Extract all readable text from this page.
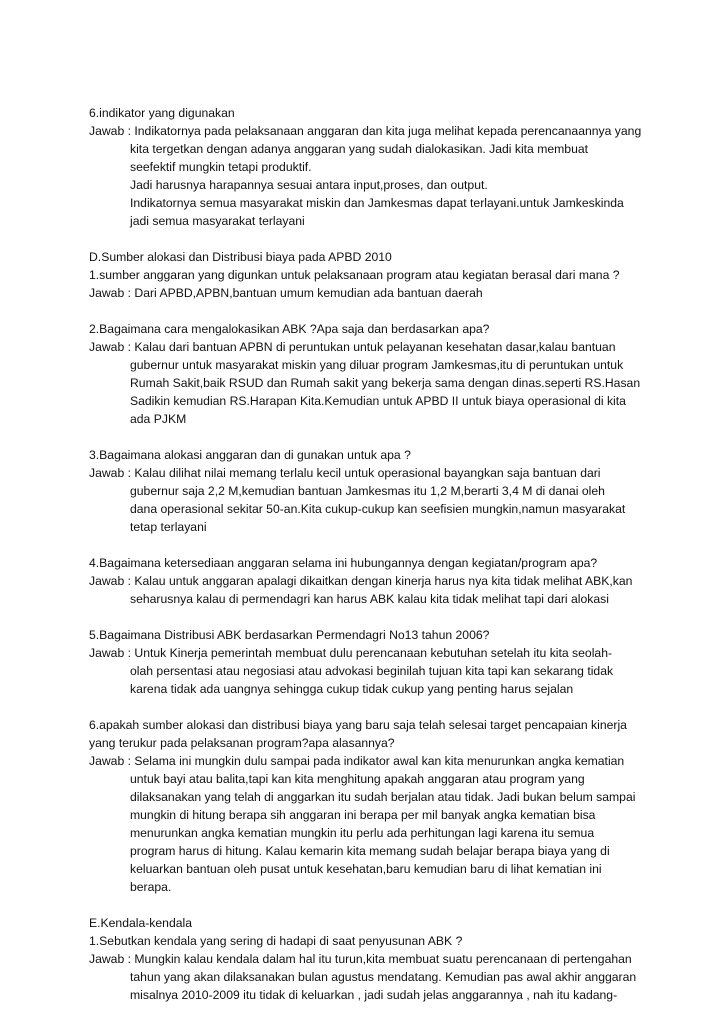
6.indikator yang digunakan
Jawab : Indikatornya pada pelaksanaan anggaran dan kita juga melihat kepada perencanaannya yang
kita tergetkan dengan adanya anggaran yang sudah dialokasikan. Jadi kita membuat
seefektif mungkin tetapi produktif.
Jadi harusnya harapannya sesuai antara input,proses, dan output.
Indikatornya semua masyarakat miskin dan Jamkesmas dapat terlayani.untuk Jamkeskinda
jadi semua masyarakat terlayani
D.Sumber alokasi dan Distribusi biaya pada APBD 2010
1.sumber anggaran yang digunkan untuk pelaksanaan program atau kegiatan berasal dari mana ?
Jawab : Dari APBD,APBN,bantuan umum kemudian ada bantuan daerah
2.Bagaimana cara mengalokasikan ABK ?Apa saja dan berdasarkan apa?
Jawab : Kalau dari bantuan APBN di peruntukan untuk pelayanan kesehatan dasar,kalau bantuan
gubernur untuk masyarakat miskin yang diluar program Jamkesmas,itu di peruntukan untuk
Rumah Sakit,baik RSUD dan Rumah sakit yang bekerja sama dengan dinas.seperti RS.Hasan
Sadikin kemudian RS.Harapan Kita.Kemudian untuk APBD II untuk biaya operasional di kita
ada PJKM
3.Bagaimana alokasi anggaran dan di gunakan untuk apa ?
Jawab : Kalau dilihat nilai memang terlalu kecil untuk operasional bayangkan saja bantuan dari
gubernur saja 2,2 M,kemudian bantuan Jamkesmas itu 1,2 M,berarti 3,4 M di danai oleh
dana operasional sekitar 50-an.Kita cukup-cukup kan seefisien mungkin,namun masyarakat
tetap terlayani
4.Bagaimana ketersediaan anggaran selama ini hubungannya dengan kegiatan/program apa?
Jawab : Kalau untuk anggaran apalagi dikaitkan dengan kinerja harus nya kita tidak melihat ABK,kan
seharusnya kalau di permendagri kan harus ABK kalau kita tidak melihat tapi dari alokasi
5.Bagaimana Distribusi ABK berdasarkan Permendagri No13 tahun 2006?
Jawab : Untuk Kinerja pemerintah membuat dulu perencanaan kebutuhan setelah itu kita seolah-
olah persentasi atau negosiasi atau advokasi beginilah tujuan kita tapi kan sekarang tidak
karena tidak ada uangnya sehingga cukup tidak cukup yang penting harus sejalan
6.apakah sumber alokasi dan distribusi biaya yang baru saja telah selesai target pencapaian kinerja
yang terukur pada pelaksanan program?apa alasannya?
Jawab : Selama ini mungkin dulu sampai pada indikator awal kan kita menurunkan angka kematian
untuk bayi atau balita,tapi kan kita menghitung apakah anggaran atau program yang
dilaksanakan yang telah di anggarkan itu sudah berjalan atau tidak. Jadi bukan belum sampai
mungkin di hitung berapa sih anggaran ini berapa per mil banyak angka kematian bisa
menurunkan angka kematian mungkin itu perlu ada perhitungan lagi karena itu semua
program harus di hitung. Kalau kemarin kita memang sudah belajar berapa biaya yang di
keluarkan bantuan oleh pusat untuk kesehatan,baru kemudian baru di lihat kematian ini
berapa.
E.Kendala-kendala
1.Sebutkan kendala yang sering di hadapi di saat penyusunan ABK ?
Jawab : Mungkin kalau kendala dalam hal itu turun,kita membuat suatu perencanaan di pertengahan
tahun yang akan dilaksanakan bulan agustus mendatang. Kemudian pas awal akhir anggaran
misalnya 2010-2009 itu tidak di keluarkan , jadi sudah jelas anggarannya , nah itu kadang-
